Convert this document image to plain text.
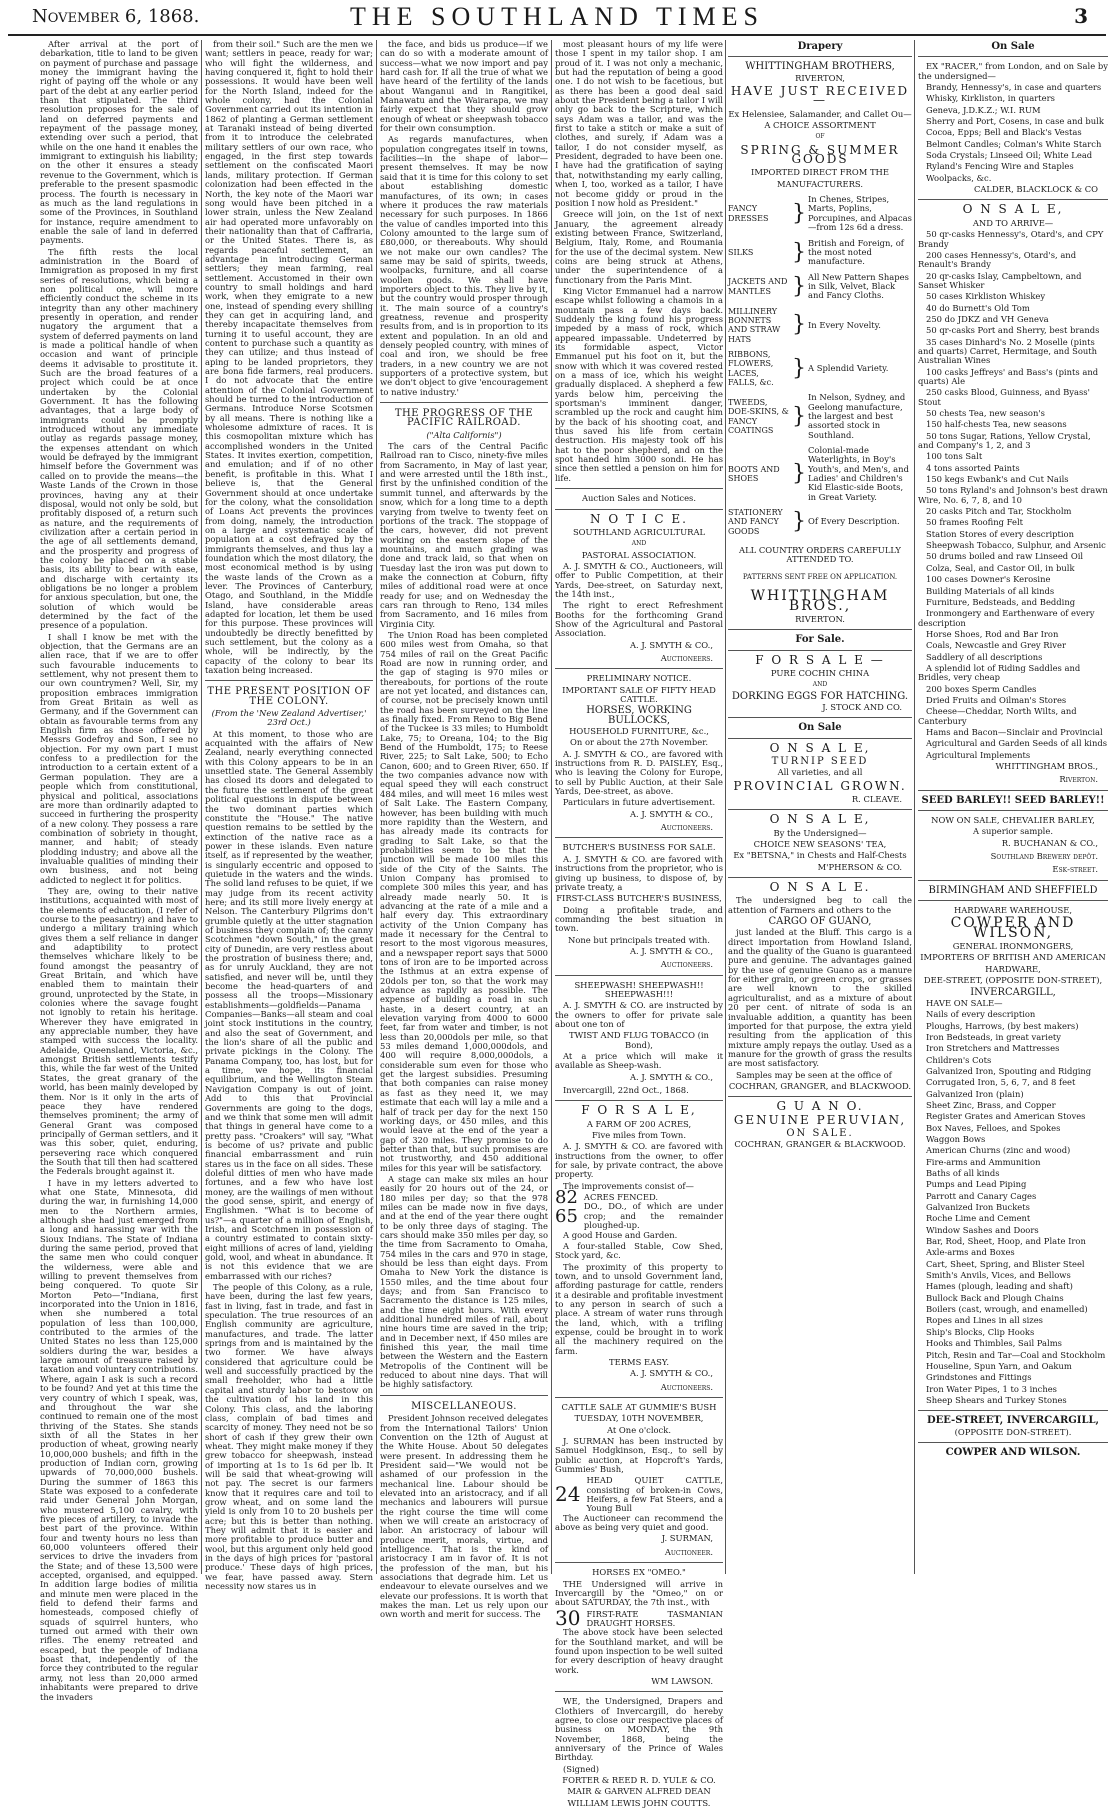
November 6, 1868.	THE SOUTHLAND TIMES	3

After arrival at the port of debarkation, title to land to be given on payment of purchase and passage money the immigrant having the right of paying off the whole or any part of the debt at any earlier period than that stipulated. The third resolution proposes for the sale of land on deferred payments and repayment of the passage money, extending over such a period, that while on the one hand it enables the immigrant to extinguish his liability; on the other it ensures a steady revenue to the Government, which is preferable to the present spasmodic process. The fourth is necessary in as much as the land regulations in some of the Provinces, in Southland for instance, require amendment to enable the sale of land in deferred payments.

The fifth rests the local administration in the Board of Immigration as proposed in my first series of resolutions, which being a non political one, will more efficiently conduct the scheme in its integrity than any other machinery presently in operation, and render nugatory the argument that a system of deferred payments on land is made a political handle of when occasion and want of principle deems it advisable to prostitute it. Such are the broad features of a project which could be at once undertaken by the Colonial Government. It has the following advantages, that a large body of immigrants could be promptly introduced without any immediate outlay as regards passage money, the expenses attendant on which would be defrayed by the immigrant himself before the Government was called on to provide the means—the Waste Lands of the Crown in those provinces, having any at their disposal, would not only be sold, but profitably disposed of, a return such as nature, and the requirements of civilization after a certain period in the age of all settlements demand, and the prosperity and progress of the colony be placed on a stable basis, its ability to bear with ease, and discharge with certainty its obligations be no longer a problem for anxious speculation, but one, the solution of which would be determined by the fact of the presence of a population.

I shall I know be met with the objection, that the Germans are an alien race, that if we are to offer such favourable inducements to settlement, why not present them to our own countrymen? Well, Sir, my proposition embraces immigration from Great Britain as well as Germany, and if the Government can obtain as favourable terms from any English firm as those offered by Messrs Godefroy and Son, I see no objection. For my own part I must confess to a predilection for the introduction to a certain extent of a German population. They are a people which from constitutional, physical and political, associations are more than ordinarily adapted to succeed in furthering the prosperity of a new colony. They possess a rare combination of sobriety in thought, manner, and habit; of steady plodding industry; and above all the invaluable qualities of minding their own business, and not being addicted to neglect it for politics.

They are, owing to their native institutions, acquainted with most of the elements of education, (I refer of course to the peasantry) and have to undergo a military training which gives them a self reliance in danger and adaptibility to protect themselves whichare likely to be found amongst the peasantry of Great Britain, and which have enabled them to maintain their ground, unprotected by the State, in colonies where the savage fought not ignobly to retain his heritage. Wherever they have emigrated in any appreciable number, they have stamped with success the locality. Adelaide, Queensland, Victoria, &c., amongst British settlements testify this, while the far west of the United States, the great granary of the world, has been mainly developed by them. Nor is it only in the arts of peace they have rendered themselves prominent; the army of General Grant was composed principally of German settlers, and it was this sober, quiet, enduring, persevering race which conquered the South that till then had scattered the Federals brought against it.

I have in my letters adverted to what one State, Minnesota, did during the war, in furnishing 14,000 men to the Northern armies, although she had just emerged from a long and harassing war with the Sioux Indians. The State of Indiana during the same period, proved that the same men who could conquer the wilderness, were able and willing to prevent themselves from being conquered. To quote Sir Morton Peto—"Indiana, first incorporated into the Union in 1816, when she numbered a total population of less than 100,000, contributed to the armies of the United States no less than 125,000 soldiers during the war, besides a large amount of treasure raised by taxation and voluntary contributions. Where, again I ask is such a record to be found? And yet at this time the very country of which I speak, was, and throughout the war she continued to remain one of the most thriving of the States. She stands sixth of all the States in her production of wheat, growing nearly 10,000,000 bushels; and fifth in the production of Indian corn, growing upwards of 70,000,000 bushels. During the summer of 1863 this State was exposed to a confederate raid under General John Morgan, who mustered 5,100 cavalry, with five pieces of artillery, to invade the best part of the province. Within four and twenty hours no less than 60,000 volunteers offered their services to drive the invaders from the State; and of these 13,500 were accepted, organised, and equipped. In addition large bodies of militia and minute men were placed in the field to defend their farms and homesteads, composed chiefly of squads of squirrel hunters, who turned out armed with their own rifles. The enemy retreated and escaped, but the people of Indiana boast that, independently of the force they contributed to the regular army, not less than 20,000 armed inhabitants were prepared to drive the invaders

from their soil." Such are the men we want; settlers in peace, ready for war; who will fight the wilderness, and having conquered it, fight to hold their possessions. It would have been well for the North Island, indeed for the whole colony, had the Colonial Government carried out its intention in 1862 of planting a German settlement at Taranaki instead of being diverted from it to introduce the celebrated military settlers of our own race, who engaged, in the first step towards settlement on the confiscated Maori lands, military protection. If German colonization had been effected in the North, the key note of the Maori war song would have been pitched in a lower strain, unless the New Zealand air had operated more unfavorably on their nationality than that of Caffraria, or the United States. There is, as regards peaceful settlement, an advantage in introducing German settlers; they mean farming, real settlement. Accustomed in their own country to small holdings and hard work, when they emigrate to a new one, instead of spending every shilling they can get in acquiring land, and thereby incapacitate themselves from turning it to useful account, they are content to purchase such a quantity as they can utilize; and thus instead of aping to be landed proprietors, they are bona fide farmers, real producers. I do not advocate that the entire attention of the Colonial Government should be turned to the introduction of Germans. Introduce Norse Scotsmen by all means. There is nothing like a wholesome admixture of races. It is this cosmopolitan mixture which has accomplished wonders in the United States. It invites exertion, competition, and emulation; and if of no other benefit, is profitable in this. What I believe is, that the General Government should at once undertake for the colony, what the consolidation of Loans Act prevents the provinces from doing, namely, the introduction on a large and systematic scale of population at a cost defrayed by the immigrants themselves, and thus lay a foundation which the most dilatory, the most economical method is by using the waste lands of the Crown as a lever. The Provinces of Canterbury, Otago, and Southland, in the Middle Island, have considerable areas adapted for location, let them be used for this purpose. These provinces will undoubtedly be directly benefitted by such settlement, but the colony as a whole, will be indirectly, by the capacity of the colony to bear its taxation being increased.

THE PRESENT POSITION OF THE COLONY.
(From the 'New Zealand Advertiser,' 23rd Oct.)

At this moment, to those who are acquainted with the affairs of New Zealand, nearly everything connected with this Colony appears to be in an unsettled state. The General Assembly has closed its doors and delegated to the future the settlement of the great political questions in dispute between the two dominant parties which constitute the "House." The native question remains to be settled by the extinction of the native race as a power in these islands. Even nature itself, as if represented by the weather, is singularly eccentric and opposed to quietude in the waters and the winds. The solid land refuses to be quiet, if we may judge from its recent activity here; and its still more lively energy at Nelson. The Canterbury Pilgrims don't grumble quietly at the utter stagnation of business they complain of; the canny Scotchmen "down South," in the great city of Dunedin, are very restless about the prostration of business there; and, as for unruly Auckland, they are not satisfied, and never will be, until they become the head-quarters of and possess all the troops—Missionary establishments—goldfields—Panama Companies—Banks—all steam and coal joint stock institutions in the country, and also the seat of Government, and the lion's share of all the public and private pickings in the Colony. The Panama Company, too, has lost, but for a time, we hope, its financial equilibrium, and the Wellington Steam Navigation Company is out of joint. Add to this that Provincial Governments are going to the dogs, and we think that some men will admit that things in general have come to a pretty pass. "Croakers" will say, "What is become of us? private and public financial embarrassment and ruin stares us in the face on all sides. These doleful ditties of men who have made fortunes, and a few who have lost money, are the wailings of men without the good sense, spirit, and energy of Englishmen. "What is to become of us?"—a quarter of a million of English, Irish, and Scotchmen in possession of a country estimated to contain sixty-eight millions of acres of land, yielding gold, wool, and wheat in abundance. It is not this evidence that we are embarrassed with our riches?

The people of this Colony, as a rule, have been, during the last few years, fast in living, fast in trade, and fast in speculation. The true resources of an English community are agriculture, manufactures, and trade. The latter springs from and is maintained by the two former. We have always considered that agriculture could be well and successfully practiced by the small freeholder, who had a little capital and sturdy labor to bestow on the cultivation of his land in this Colony. This class, and the laboring class, complain of bad times and scarcity of money. They need not be so short of cash if they grew their own wheat. They might make money if they grew tobacco for sheepwash, instead of importing at 1s to 1s 6d per lb. It will be said that wheat-growing will not pay. The secret is our farmers know that it requires care and toil to grow wheat, and on some land the yield is only from 10 to 20 bushels per acre; but this is better than nothing. They will admit that it is easier and more profitable to produce butter and wool, but this argument only held good in the days of high prices for 'pastoral produce.' These days of high prices, we fear, have passed away. Stern necessity now stares us in

the face, and bids us produce—if we can do so with a moderate amount of success—what we now import and pay hard cash for. If all the true of what we have heard of the fertility of the lands about Wanganui and in Rangitikei, Manawatu and the Wairarapa, we may fairly expect that they should grow enough of wheat or sheepwash tobacco for their own consumption.

As regards manufactures, when population congregates itself in towns, facilities—in the shape of labor—present themselves. It may be now said that it is time for this colony to set about establishing domestic manufactures, of its own; in cases where it produces the raw materials necessary for such purposes. In 1866 the value of candles imported into this Colony amounted to the large sum of £80,000, or thereabouts. Why should we not make our own candles? The same may be said of spirits, tweeds, woolpacks, furniture, and all coarse woollen goods. We shall have importers object to this. They live by it, but the country would prosper through it. The main source of a country's greatness, revenue and prosperity results from, and is in proportion to its extent and population. In an old and densely peopled country, with mines of coal and iron, we should be free traders, in a new country we are not supporters of a protective system, but we don't object to give 'encouragement to native industry.'

THE PROGRESS OF THE PACIFIC RAILROAD.
("Alta Californis")

The cars of the Central Pacific Railroad ran to Cisco, ninety-five miles from Sacramento, in May of last year, and were arrested until the 18th inst., first by the unfinished condition of the summit tunnel, and afterwards by the snow, which for a long time to a depth varying from twelve to twenty feet on portions of the track. The stoppage of the cars, however, did not prevent working on the eastern slope of the mountains, and much grading was done and track laid, so that when on Tuesday last the iron was put down to make the connection at Coburn, fifty miles of additional road were at once ready for use; and on Wednesday the cars ran through to Reno, 134 miles from Sacramento, and 16 miles from Virginia City.

The Union Road has been completed 600 miles west from Omaha, so that 754 miles of rail on the Great Pacific Road are now in running order, and the gap of staging is 970 miles or thereabouts, for portions of the route are not yet located, and distances can, of course, not be precisely known until the road has been surveyed on the line as finally fixed. From Reno to Big Bend of the Tuckee is 33 miles; to Humboldt Lake, 75; to Oreana, 104; to the Big Bend of the Humboldt, 175; to Reese River, 225; to Salt Lake, 500; to Echo Canon, 600; and to Green River, 650. If the two companies advance now with equal speed they will each construct 484 miles, and will meet 16 miles west of Salt Lake. The Eastern Company, however, has been building with much more rapidity than the Western, and has already made its contracts for grading to Salt Lake, so that the probabilities seem to be that the junction will be made 100 miles this side of the City of the Saints. The Union Company has promised to complete 300 miles this year, and has already made nearly 50. It is advancing at the rate of a mile and a half every day. This extraordinary activity of the Union Company has made it necessary for the Central to resort to the most vigorous measures, and a newspaper report says that 5000 tons of iron are to be imported across the Isthmus at an extra expense of 20dols per ton, so that the work may advance as rapidly as possible. The expense of building a road in such haste, in a desert country, at an elevation varying from 4000 to 6000 feet, far from water and timber, is not less than 20,000dols per mile, so that 53 miles demand 1,000,000dols, and 400 will require 8,000,000dols, a considerable sum even for those who get the largest subsidies. Presuming that both companies can raise money as fast as they need it, we may estimate that each will lay a mile and a half of track per day for the next 150 working days, or 450 miles, and this would leave at the end of the year a gap of 320 miles. They promise to do better than that, but such promises are not trustworthy, and 450 additional miles for this year will be satisfactory.

A stage can make six miles an hour easily for 20 hours out of the 24, or 180 miles per day; so that the 978 miles can be made now in five days, and at the end of the year there ought to be only three days of staging. The cars should make 350 miles per day, so the time from Sacramento to Omaha, 754 miles in the cars and 970 in stage, should be less than eight days. From Omaha to New York the distance is 1550 miles, and the time about four days; and from San Francisco to Sacramento the distance is 125 miles, and the time eight hours. With every additional hundred miles of rail, about nine hours time are saved in the trip; and in December next, if 450 miles are finished this year, the mail time between the Western and the Eastern Metropolis of the Continent will be reduced to about nine days. That will be highly satisfactory.

MISCELLANEOUS.

President Johnson received delegates from the International Tailors' Union Convention on the 12th of August at the White House. About 50 delegates were present. In addressing them he President said—"We would not be ashamed of our profession in the mechanical line. Labour should be elevated into an aristocracy, and if all mechanics and labourers will pursue the right course the time will come when we will create an aristocracy of labor. An aristocracy of labour will produce merit, morals, virtue, and intelligence. That is the kind of aristocracy I am in favor of. It is not the profession of the man, but his associations that degrade him. Let us endeavour to elevate ourselves and we elevate our professions. It is worth that makes the man. Let us rely upon our own worth and merit for success. The

most pleasant hours of my life were those I spent in my tailor shop. I am proud of it. I was not only a mechanic, but had the reputation of being a good one. I do not wish to be facetious, but as there has been a good deal said about the President being a tailor I will only go back to the Scripture, which says Adam was a tailor, and was the first to take a stitch or make a suit of clothes, and surely, if Adam was a tailor, I do not consider myself, as President, degraded to have been one. I have had the gratification of saying that, notwithstanding my early calling, when I, too, worked as a tailor, I have not become giddy or proud in the position I now hold as President."

Greece will join, on the 1st of next January, the agreement already existing between France, Switzerland, Belgium, Italy, Rome, and Roumania for the use of the decimal system. New coins are being struck at Athens, under the superintendence of a functionary from the Paris Mint.

King Victor Emmanuel had a narrow escape whilst following a chamois in a mountain pass a few days back. Suddenly the king found his progress impeded by a mass of rock, which appeared impassable. Undeterred by its formidable aspect, Victor Emmanuel put his foot on it, but the snow with which it was covered rested on a mass of ice, which his weight gradually displaced. A shepherd a few yards below him, perceiving the sportsman's imminent danger, scrambled up the rock and caught him by the back of his shooting coat, and thus saved his life from certain destruction. His majesty took off his hat to the poor shepherd, and on the spot handed him 3000 sondi. He has since then settled a pension on him for life.

Auction Sales and Notices.
N O T I C E.
SOUTHLAND AGRICULTURAL
AND
PASTORAL ASSOCIATION.

A. J. SMYTH & CO., Auctioneers, will offer to Public Competition, at their Yards, Dee-street, on Saturday next, the 14th inst.,

The right to erect Refreshment Booths for the forthcoming Grand Show of the Agricultural and Pastoral Association.

A. J. SMYTH & CO.,
Auctioneers.
PRELIMINARY NOTICE.
IMPORTANT SALE OF FIFTY HEAD CATTLE.
HORSES, WORKING BULLOCKS,
HOUSEHOLD FURNITURE, &c.,
On or about the 27th November.

A. J. SMYTH & CO., are favored with instructions from R. D. PAISLEY, Esq., who is leaving the Colony for Europe, to sell by Public Auction, at their Sale Yards, Dee-street, as above.

Particulars in future advertisement.
A. J. SMYTH & CO.,
Auctioneers.
BUTCHER'S BUSINESS FOR SALE.

A. J. SMYTH & CO. are favored with instructions from the proprietor, who is giving up business, to dispose of, by private treaty, a

FIRST-CLASS BUTCHER'S BUSINESS,

Doing a profitable trade, and commanding the best situation in town.

None but principals treated with.
A. J. SMYTH & CO.,
Auctioneers.
SHEEPWASH! SHEEPWASH!! SHEEPWASH!!!

A. J. SMYTH & CO. are instructed by the owners to offer for private sale about one ton of

TWIST AND FLUG TOBACCO (in Bond),

At a price which will make it available as Sheep-wash.

A. J. SMYTH & CO.,

Invercargill, 22nd Oct., 1868.

F O R S A L E,
A FARM OF 200 ACRES,
Five miles from Town.

A. J. SMYTH & CO. are favored with instructions from the owner, to offer for sale, by private contract, the above property.

The improvements consist of—

82 ACRES FENCED.
65 DO., DO., of which are under crop; and the remainder ploughed-up.

A good House and Garden.

A four-stalled Stable, Cow Shed, Stock yard, &c.

The proximity of this property to town, and to unsold Government land, affording pasturage for cattle, renders it a desirable and profitable investment to any person in search of such a place. A stream of water runs through the land, which, with a trifling expense, could be brought in to work all the machinery required on the farm.

TERMS EASY.
A. J. SMYTH & CO.,
Auctioneers.
CATTLE SALE AT GUMMIE'S BUSH
TUESDAY, 10TH NOVEMBER,
At One o'clock.

J. SURMAN has been instructed by Samuel Hodgkinson, Esq., to sell by public auction, at Hopcroft's Yards, Gummies' Bush,

24
HEAD QUIET CATTLE, consisting of broken-in Cows, Heifers, a few Fat Steers, and a Young Bull

The Auctioneer can recommend the above as being very quiet and good.

J. SURMAN,
Auctioneer.
HORSES EX "OMEO."

THE Undersigned will arrive in Invercargill by the "Omeo," on or about SATURDAY, the 7th inst., with

30 FIRST-RATE TASMANIAN DRAUGHT HORSES.

The above stock have been selected for the Southland market, and will be found upon inspection to be well suited for every description of heavy draught work.

WM LAWSON.

WE, the Undersigned, Drapers and Clothiers of Invercargill, do hereby agree, to close our respective places of business on MONDAY, the 9th November, 1868, being the anniversary of the Prince of Wales Birthday.

(Signed)

FORTER & REED R. D. YULE & CO.
MAIR & GARVEN ALFRED DEAN
WILLIAM LEWIS JOHN COUTTS.
Drapery
WHITTINGHAM BROTHERS,
RIVERTON,
HAVE JUST RECEIVED—
Ex Helensiee, Salamander, and Callet Ou—
A CHOICE ASSORTMENT
OF
SPRING & SUMMER GOODS
IMPORTED DIRECT FROM THE
MANUFACTURERS.
FANCY DRESSES	}
In Chenes, Stripes, Marts, Poplins, Porcupines, and Alpacas—from 12s 6d a dress.
SILKS	} British and Foreign, of the most noted manufacture.
JACKETS AND MANTLES } All New Pattern Shapes in Silk, Velvet, Black and Fancy Cloths.
MILLINERY BONNETS AND STRAW HATS
} In Every Novelty.
RIBBONS, FLOWERS, LACES, FALLS, &c.
} A Splendid Variety.
TWEEDS, DOE-SKINS, & FANCY COATINGS
}
In Nelson, Sydney, and Geelong manufacture, the largest and best assorted stock in Southland.
BOOTS AND SHOES	}
Colonial-made Waterlights, in Boy's Youth's, and Men's, and Ladies' and Children's Kid Elastic-side Boots, in Great Variety.
STATIONERY AND FANCY GOODS	} Of Every Description.
ALL COUNTRY ORDERS CAREFULLY ATTENDED TO.
PATTERNS SENT FREE ON APPLICATION.
WHITTINGHAM BROS.,
RIVERTON.
For Sale.
F O R S A L E —
PURE COCHIN CHINA
AND
DORKING EGGS FOR HATCHING.
J. STOCK AND CO.
On Sale
O N S A L E,
TURNIP SEED
All varieties, and all
PROVINCIAL GROWN.
R. CLEAVE.
O N S A L E,
By the Undersigned—
CHOICE NEW SEASONS' TEA,
Ex "BETSNA," in Chests and Half-Chests
M'PHERSON & CO.
O N S A L E.

The undersigned beg to call the attention of Farmers and others to the

CARGO OF GUANO,

just landed at the Bluff. This cargo is a direct importation from Howland Island, and the quality of the Guano is guaranteed pure and genuine. The advantages gained by the use of genuine Guano as a manure for either grain, or green crops, or grasses are well known to the skilled agriculturalist, and as a mixture of about 20 per cent. of nitrate of soda is an invaluable addition, a quantity has been imported for that purpose, the extra yield resulting from the application of this mixture amply repays the outlay. Used as a manure for the growth of grass the results are most satisfactory.

Samples may be seen at the office of

COCHRAN, GRANGER, and BLACKWOOD.
G U A N O.
GENUINE PERUVIAN,
ON SALE.
COCHRAN, GRANGER & BLACKWOOD.
On Sale

EX "RACER," from London, and on Sale by the undersigned—

Brandy, Hennessy's, in case and quarters

Whisky, Kirkliston, in quarters

Geneva, J.D.K.Z.; W.I. RUM

Sherry and Port, Cosens, in case and bulk

Cocoa, Epps; Bell and Black's Vestas

Belmont Candles; Colman's White Starch

Soda Crystals; Linseed Oil; White Lead

Ryland's Fencing Wire and Staples

Woolpacks, &c.

CALDER, BLACKLOCK & CO
O N S A L E,
AND TO ARRIVE—

50 qr-casks Hennessy's, Otard's, and CPY Brandy

200 cases Hennessy's, Otard's, and Renault's Brandy

20 qr-casks Islay, Campbeltown, and Sanset Whisker

50 cases Kirkliston Whiskey

40 do Burnett's Old Tom

250 do JDKZ and VH Geneva

50 qr-casks Port and Sherry, best brands

35 cases Dinhard's No. 2 Moselle (pints and quarts) Carret, Hermitage, and South Australian Wines

100 casks Jeffreys' and Bass's (pints and quarts) Ale

250 casks Blood, Guinness, and Byass' Stout

50 chests Tea, new season's

150 half-chests Tea, new seasons

50 tons Sugar, Rations, Yellow Crystal, and Company's 1, 2, and 3

100 tons Salt

4 tons assorted Paints

150 kegs Ewbank's and Cut Nails

50 tons Ryland's and Johnson's best drawn Wire, No. 6, 7, 8, and 10

20 casks Pitch and Tar, Stockholm

50 frames Roofing Felt

Station Stores of every description

Sheepwash Tobacco, Sulphur, and Arsenic

50 drums boiled and raw Linseed Oil

Colza, Seal, and Castor Oil, in bulk

100 cases Downer's Kerosine

Building Materials of all kinds

Furniture, Bedsteads, and Bedding

Ironmongery and Earthenware of every description

Horse Shoes, Rod and Bar Iron

Coals, Newcastle and Grey River

Saddlery of all descriptions

A splendid lot of Riding Saddles and Bridles, very cheap

200 boxes Sperm Candles

Dried Fruits and Oilman's Stores

Cheese—Cheddar, North Wilts, and Canterbury

Hams and Bacon—Sinclair and Provincial

Agricultural and Garden Seeds of all kinds

Agricultural Implements

WHITTINGHAM BROS.,
Riverton.
SEED BARLEY!! SEED BARLEY!!
NOW ON SALE, CHEVALIER BARLEY,
A superior sample.
R. BUCHANAN & CO.,
Southland Brewery depôt.
Esk-street.
BIRMINGHAM AND SHEFFIELD
HARDWARE WAREHOUSE,
COWPER AND WILSON,
GENERAL IRONMONGERS,
IMPORTERS OF BRITISH AND AMERICAN
HARDWARE,
DEE-STREET, (OPPOSITE DON-STREET),
INVERCARGILL,

HAVE ON SALE—

Nails of every description

Ploughs, Harrows, (by best makers)

Iron Bedsteads, in great variety

Iron Stretchers and Mattresses

Children's Cots

Galvanized Iron, Spouting and Ridging

Corrugated Iron, 5, 6, 7, and 8 feet

Galvanized Iron (plain)

Sheet Zinc, Brass, and Copper

Register Grates and American Stoves

Box Naves, Felloes, and Spokes

Waggon Bows

American Churns (zinc and wood)

Fire-arms and Ammunition

Baths of all kinds

Pumps and Lead Piping

Parrott and Canary Cages

Galvanized Iron Buckets

Roche Lime and Cement

Window Sashes and Doors

Bar, Rod, Sheet, Hoop, and Plate Iron

Axle-arms and Boxes

Cart, Sheet, Spring, and Blister Steel

Smith's Anvils, Vices, and Bellows

Hames (plough, leading and shaft)

Bullock Back and Plough Chains

Boilers (cast, wrough, and enamelled)

Ropes and Lines in all sizes

Ship's Blocks, Clip Hooks

Hooks and Thimbles, Sail Palms

Pitch, Resin and Tar—Coal and Stockholm

Houseline, Spun Yarn, and Oakum

Grindstones and Fittings

Iron Water Pipes, 1 to 3 inches

Sheep Shears and Turkey Stones

DEE-STREET, INVERCARGILL,
(OPPOSITE DON-STREET).
COWPER AND WILSON.
